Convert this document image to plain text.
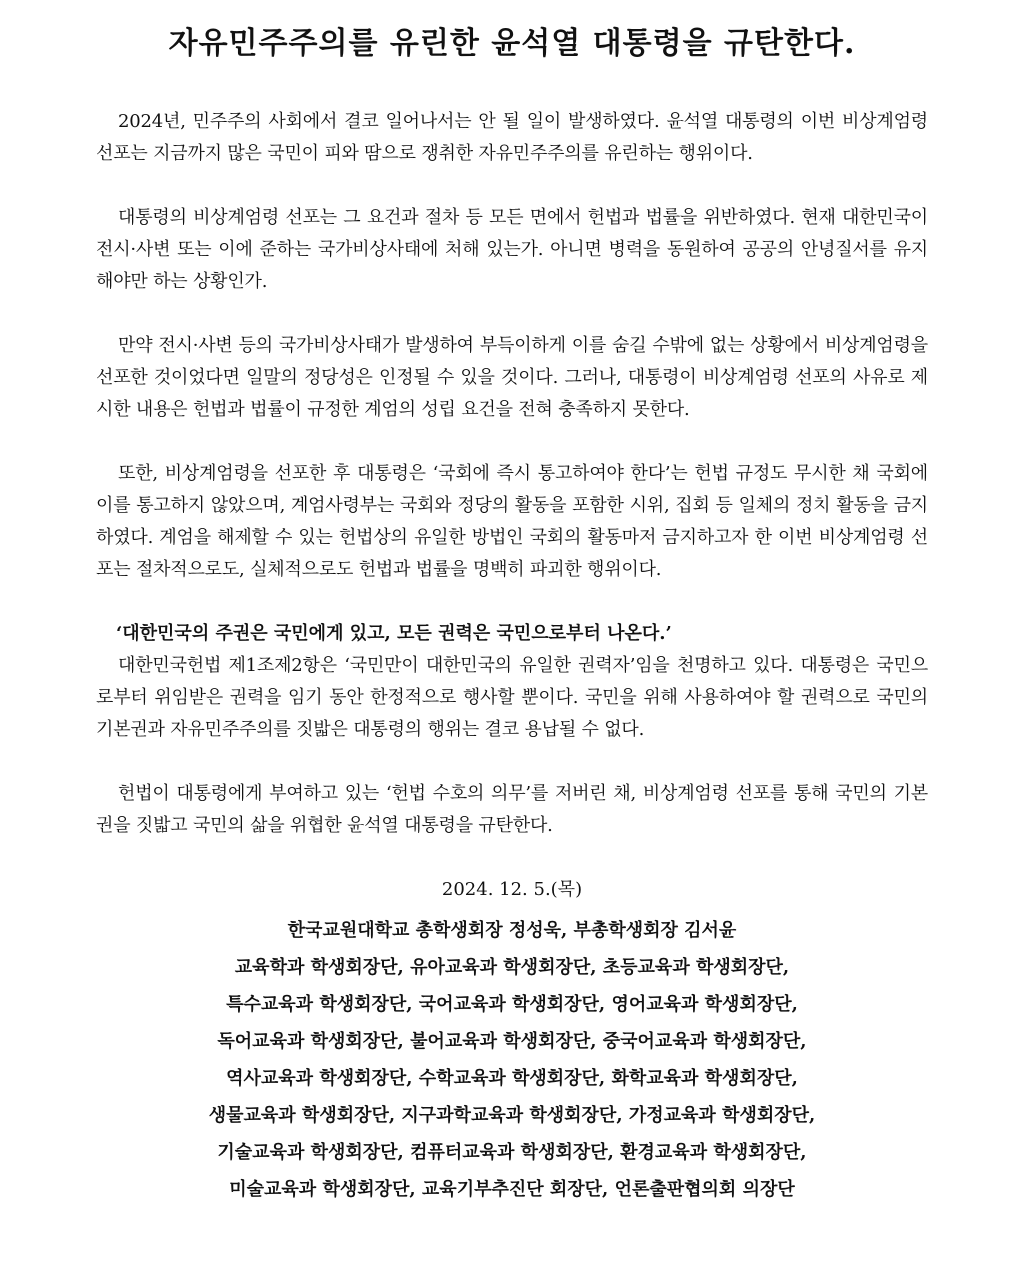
자유민주주의를 유린한 윤석열 대통령을 규탄한다.

2024년, 민주주의 사회에서 결코 일어나서는 안 될 일이 발생하였다. 윤석열 대통령의 이번 비상계엄령 선포는 지금까지 많은 국민이 피와 땀으로 쟁취한 자유민주주의를 유린하는 행위이다.

대통령의 비상계엄령 선포는 그 요건과 절차 등 모든 면에서 헌법과 법률을 위반하였다. 현재 대한민국이 전시·사변 또는 이에 준하는 국가비상사태에 처해 있는가. 아니면 병력을 동원하여 공공의 안녕질서를 유지해야만 하는 상황인가.

만약 전시·사변 등의 국가비상사태가 발생하여 부득이하게 이를 숨길 수밖에 없는 상황에서 비상계엄령을 선포한 것이었다면 일말의 정당성은 인정될 수 있을 것이다. 그러나, 대통령이 비상계엄령 선포의 사유로 제시한 내용은 헌법과 법률이 규정한 계엄의 성립 요건을 전혀 충족하지 못한다.

또한, 비상계엄령을 선포한 후 대통령은 ‘국회에 즉시 통고하여야 한다’는 헌법 규정도 무시한 채 국회에 이를 통고하지 않았으며, 계엄사령부는 국회와 정당의 활동을 포함한 시위, 집회 등 일체의 정치 활동을 금지하였다. 계엄을 해제할 수 있는 헌법상의 유일한 방법인 국회의 활동마저 금지하고자 한 이번 비상계엄령 선포는 절차적으로도, 실체적으로도 헌법과 법률을 명백히 파괴한 행위이다.

‘대한민국의 주권은 국민에게 있고, 모든 권력은 국민으로부터 나온다.’

대한민국헌법 제1조제2항은 ‘국민만이 대한민국의 유일한 권력자’임을 천명하고 있다. 대통령은 국민으로부터 위임받은 권력을 임기 동안 한정적으로 행사할 뿐이다. 국민을 위해 사용하여야 할 권력으로 국민의 기본권과 자유민주주의를 짓밟은 대통령의 행위는 결코 용납될 수 없다.

헌법이 대통령에게 부여하고 있는 ‘헌법 수호의 의무’를 저버린 채, 비상계엄령 선포를 통해 국민의 기본권을 짓밟고 국민의 삶을 위협한 윤석열 대통령을 규탄한다.

2024. 12. 5.(목)

한국교원대학교 총학생회장 정성욱, 부총학생회장 김서윤

교육학과 학생회장단, 유아교육과 학생회장단, 초등교육과 학생회장단,

특수교육과 학생회장단, 국어교육과 학생회장단, 영어교육과 학생회장단,

독어교육과 학생회장단, 불어교육과 학생회장단, 중국어교육과 학생회장단,

역사교육과 학생회장단, 수학교육과 학생회장단, 화학교육과 학생회장단,

생물교육과 학생회장단, 지구과학교육과 학생회장단, 가정교육과 학생회장단,

기술교육과 학생회장단, 컴퓨터교육과 학생회장단, 환경교육과 학생회장단,

미술교육과 학생회장단, 교육기부추진단 회장단, 언론출판협의회 의장단
